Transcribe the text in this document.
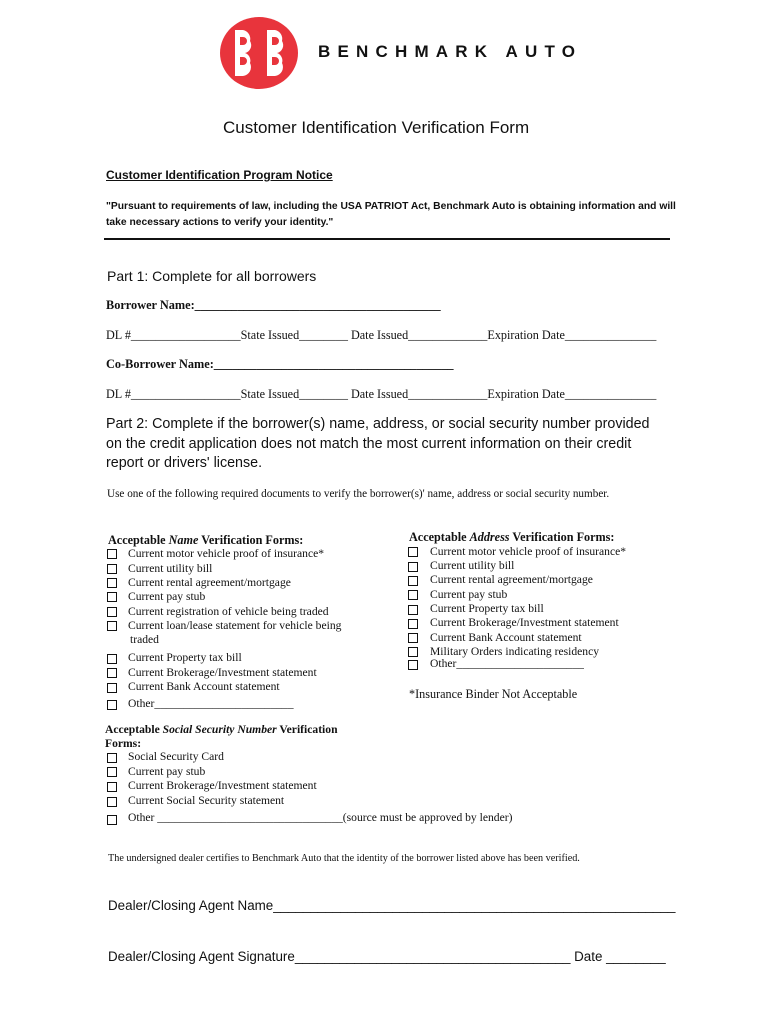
BENCHMARK AUTO
Customer Identification Verification Form
Customer Identification Program Notice
"Pursuant to requirements of law, including the USA PATRIOT Act, Benchmark Auto is obtaining information and will take necessary actions to verify your identity."
Part 1: Complete for all borrowers
Borrower Name:________________________________________
DL #__________________State Issued________ Date Issued_____________Expiration Date_______________
Co-Borrower Name:_______________________________________
DL #__________________State Issued________ Date Issued_____________Expiration Date_______________
Part 2: Complete if the borrower(s) name, address, or social security number provided on the credit application does not match the most current information on their credit report or drivers' license.
Use one of the following required documents to verify the borrower(s)' name, address or social security number.
Acceptable Name Verification Forms:
Current motor vehicle proof of insurance*
Current utility bill
Current rental agreement/mortgage
Current pay stub
Current registration of vehicle being traded
Current loan/lease statement for vehicle being
traded
Current Property tax bill
Current Brokerage/Investment statement
Current Bank Account statement
Other________________________
Acceptable Address Verification Forms:
Current motor vehicle proof of insurance*
Current utility bill
Current rental agreement/mortgage
Current pay stub
Current Property tax bill
Current Brokerage/Investment statement
Current Bank Account statement
Military Orders indicating residency
Other______________________
*Insurance Binder Not Acceptable
Acceptable Social Security Number Verification
Forms:
Social Security Card
Current pay stub
Current Brokerage/Investment statement
Current Social Security statement
Other ________________________________(source must be approved by lender)
The undersigned dealer certifies to Benchmark Auto that the identity of the borrower listed above has been verified.
Dealer/Closing Agent Name______________________________________________________
Dealer/Closing Agent Signature_____________________________________ Date ________
